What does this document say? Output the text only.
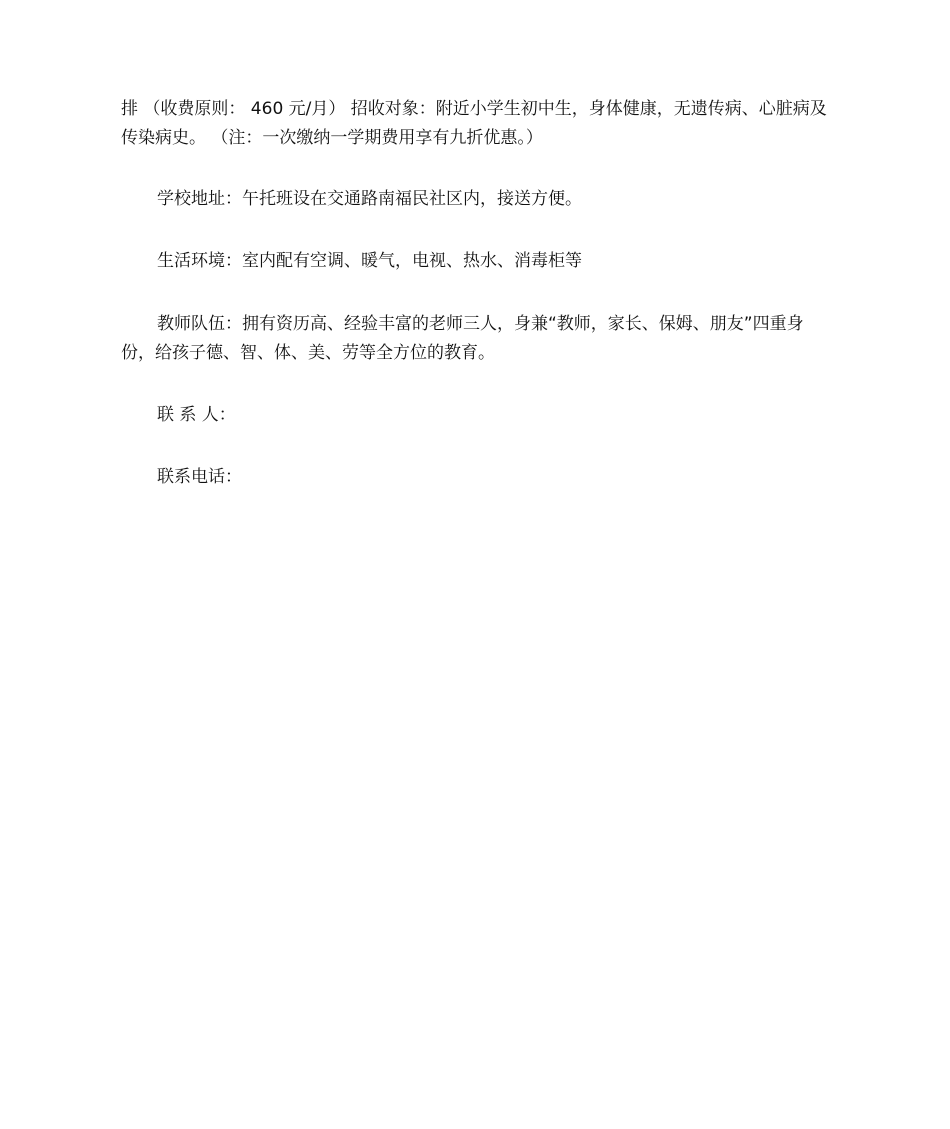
排 （收费原则： 460 元/月） 招收对象：附近小学生初中生，身体健康，无遗传病、心脏病及传染病史。 （注：一次缴纳一学期费用享有九折优惠。）

学校地址：午托班设在交通路南福民社区内，接送方便。

生活环境：室内配有空调、暖气，电视、热水、消毒柜等

教师队伍：拥有资历高、经验丰富的老师三人，身兼“教师，家长、保姆、朋友”四重身份，给孩子德、智、体、美、劳等全方位的教育。

联 系 人：

联系电话：
